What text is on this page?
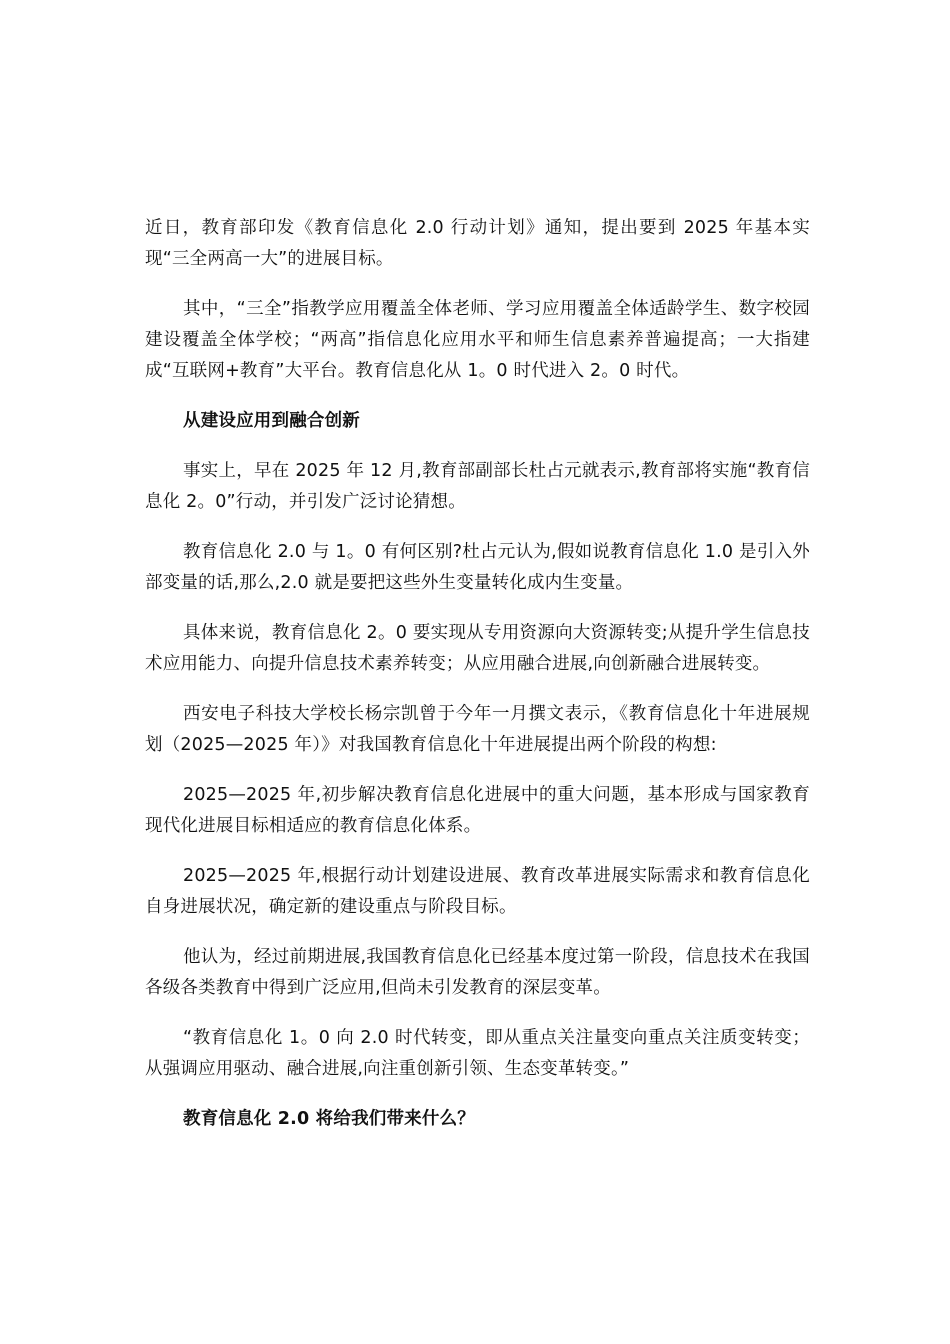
近日，教育部印发《教育信息化 2.0 行动计划》通知，提出要到 2025 年基本实现“三全两高一大”的进展目标。

其中，“三全”指教学应用覆盖全体老师、学习应用覆盖全体适龄学生、数字校园建设覆盖全体学校；“两高”指信息化应用水平和师生信息素养普遍提高；一大指建成“互联网+教育”大平台。教育信息化从 1。0 时代进入 2。0 时代。

从建设应用到融合创新

事实上，早在 2025 年 12 月,教育部副部长杜占元就表示,教育部将实施“教育信息化 2。0”行动，并引发广泛讨论猜想。

教育信息化 2.0 与 1。0 有何区别?杜占元认为,假如说教育信息化 1.0 是引入外部变量的话,那么,2.0 就是要把这些外生变量转化成内生变量。

具体来说，教育信息化 2。0 要实现从专用资源向大资源转变;从提升学生信息技术应用能力、向提升信息技术素养转变；从应用融合进展,向创新融合进展转变。

西安电子科技大学校长杨宗凯曾于今年一月撰文表示，《教育信息化十年进展规划（2025—2025 年）》对我国教育信息化十年进展提出两个阶段的构想:

2025—2025 年,初步解决教育信息化进展中的重大问题，基本形成与国家教育现代化进展目标相适应的教育信息化体系。

2025—2025 年,根据行动计划建设进展、教育改革进展实际需求和教育信息化自身进展状况，确定新的建设重点与阶段目标。

他认为，经过前期进展,我国教育信息化已经基本度过第一阶段，信息技术在我国各级各类教育中得到广泛应用,但尚未引发教育的深层变革。

“教育信息化 1。0 向 2.0 时代转变，即从重点关注量变向重点关注质变转变；从强调应用驱动、融合进展,向注重创新引领、生态变革转变。”

教育信息化 2.0 将给我们带来什么？
